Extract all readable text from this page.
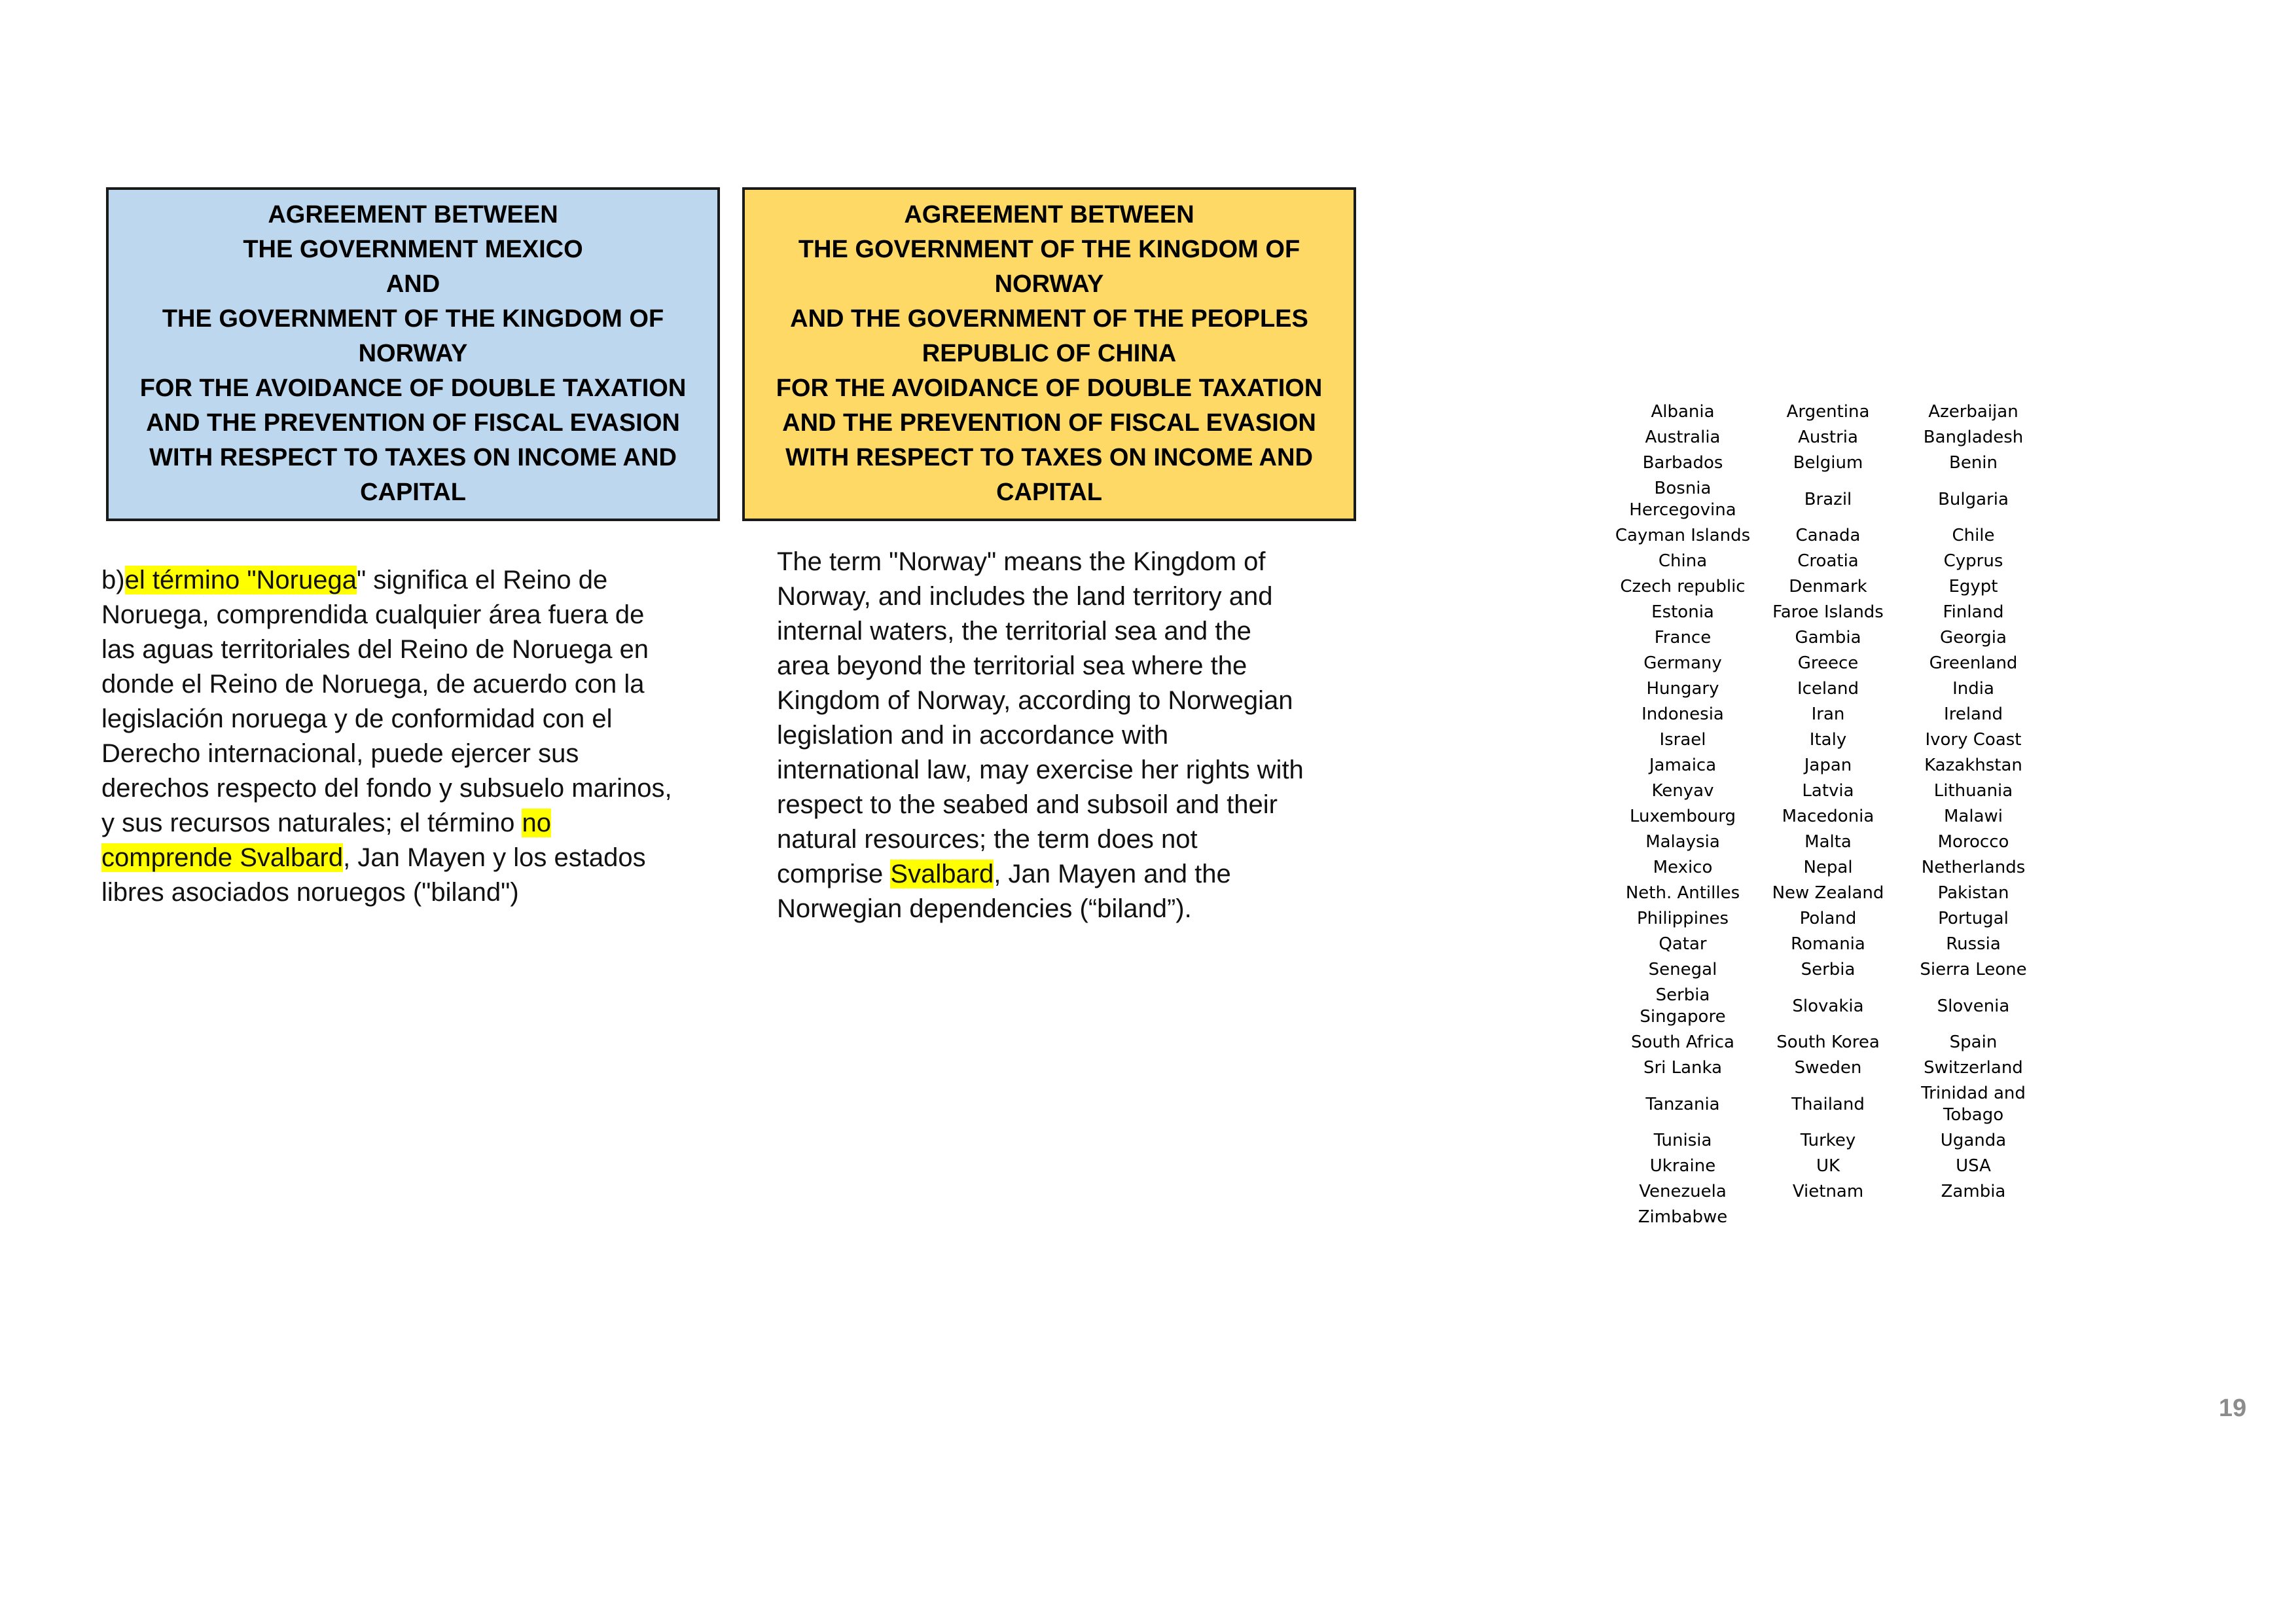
AGREEMENT BETWEEN
THE GOVERNMENT MEXICO
AND
THE GOVERNMENT OF THE KINGDOM OF
NORWAY
FOR THE AVOIDANCE OF DOUBLE TAXATION
AND THE PREVENTION OF FISCAL EVASION
WITH RESPECT TO TAXES ON INCOME AND
CAPITAL
AGREEMENT BETWEEN
THE GOVERNMENT OF THE KINGDOM OF
NORWAY
AND THE GOVERNMENT OF THE PEOPLES
REPUBLIC OF CHINA
FOR THE AVOIDANCE OF DOUBLE TAXATION
AND THE PREVENTION OF FISCAL EVASION
WITH RESPECT TO TAXES ON INCOME AND
CAPITAL
b)el término "Noruega" significa el Reino de
Noruega, comprendida cualquier área fuera de
las aguas territoriales del Reino de Noruega en
donde el Reino de Noruega, de acuerdo con la
legislación noruega y de conformidad con el
Derecho internacional, puede ejercer sus
derechos respecto del fondo y subsuelo marinos,
y sus recursos naturales; el término no
comprende Svalbard, Jan Mayen y los estados
libres asociados noruegos ("biland")
The term "Norway" means the Kingdom of
Norway, and includes the land territory and
internal waters, the territorial sea and the
area beyond the territorial sea where the
Kingdom of Norway, according to Norwegian
legislation and in accordance with
international law, may exercise her rights with
respect to the seabed and subsoil and their
natural resources; the term does not
comprise Svalbard, Jan Mayen and the
Norwegian dependencies (“biland”).
Albania	Argentina	Azerbaijan
Australia	Austria	Bangladesh
Barbados	Belgium	Benin
Bosnia
Hercegovina	Brazil	Bulgaria
Cayman Islands	Canada	Chile
China	Croatia	Cyprus
Czech republic	Denmark	Egypt
Estonia	Faroe Islands	Finland
France	Gambia	Georgia
Germany	Greece	Greenland
Hungary	Iceland	India
Indonesia	Iran	Ireland
Israel	Italy	Ivory Coast
Jamaica	Japan	Kazakhstan
Kenyav	Latvia	Lithuania
Luxembourg	Macedonia	Malawi
Malaysia	Malta	Morocco
Mexico	Nepal	Netherlands
Neth. Antilles	New Zealand	Pakistan
Philippines	Poland	Portugal
Qatar	Romania	Russia
Senegal	Serbia	Sierra Leone
Serbia
Singapore	Slovakia	Slovenia
South Africa	South Korea	Spain
Sri Lanka	Sweden	Switzerland
Tanzania	Thailand	Trinidad and
Tobago
Tunisia	Turkey	Uganda
Ukraine	UK	USA
Venezuela	Vietnam	Zambia
Zimbabwe		
19
